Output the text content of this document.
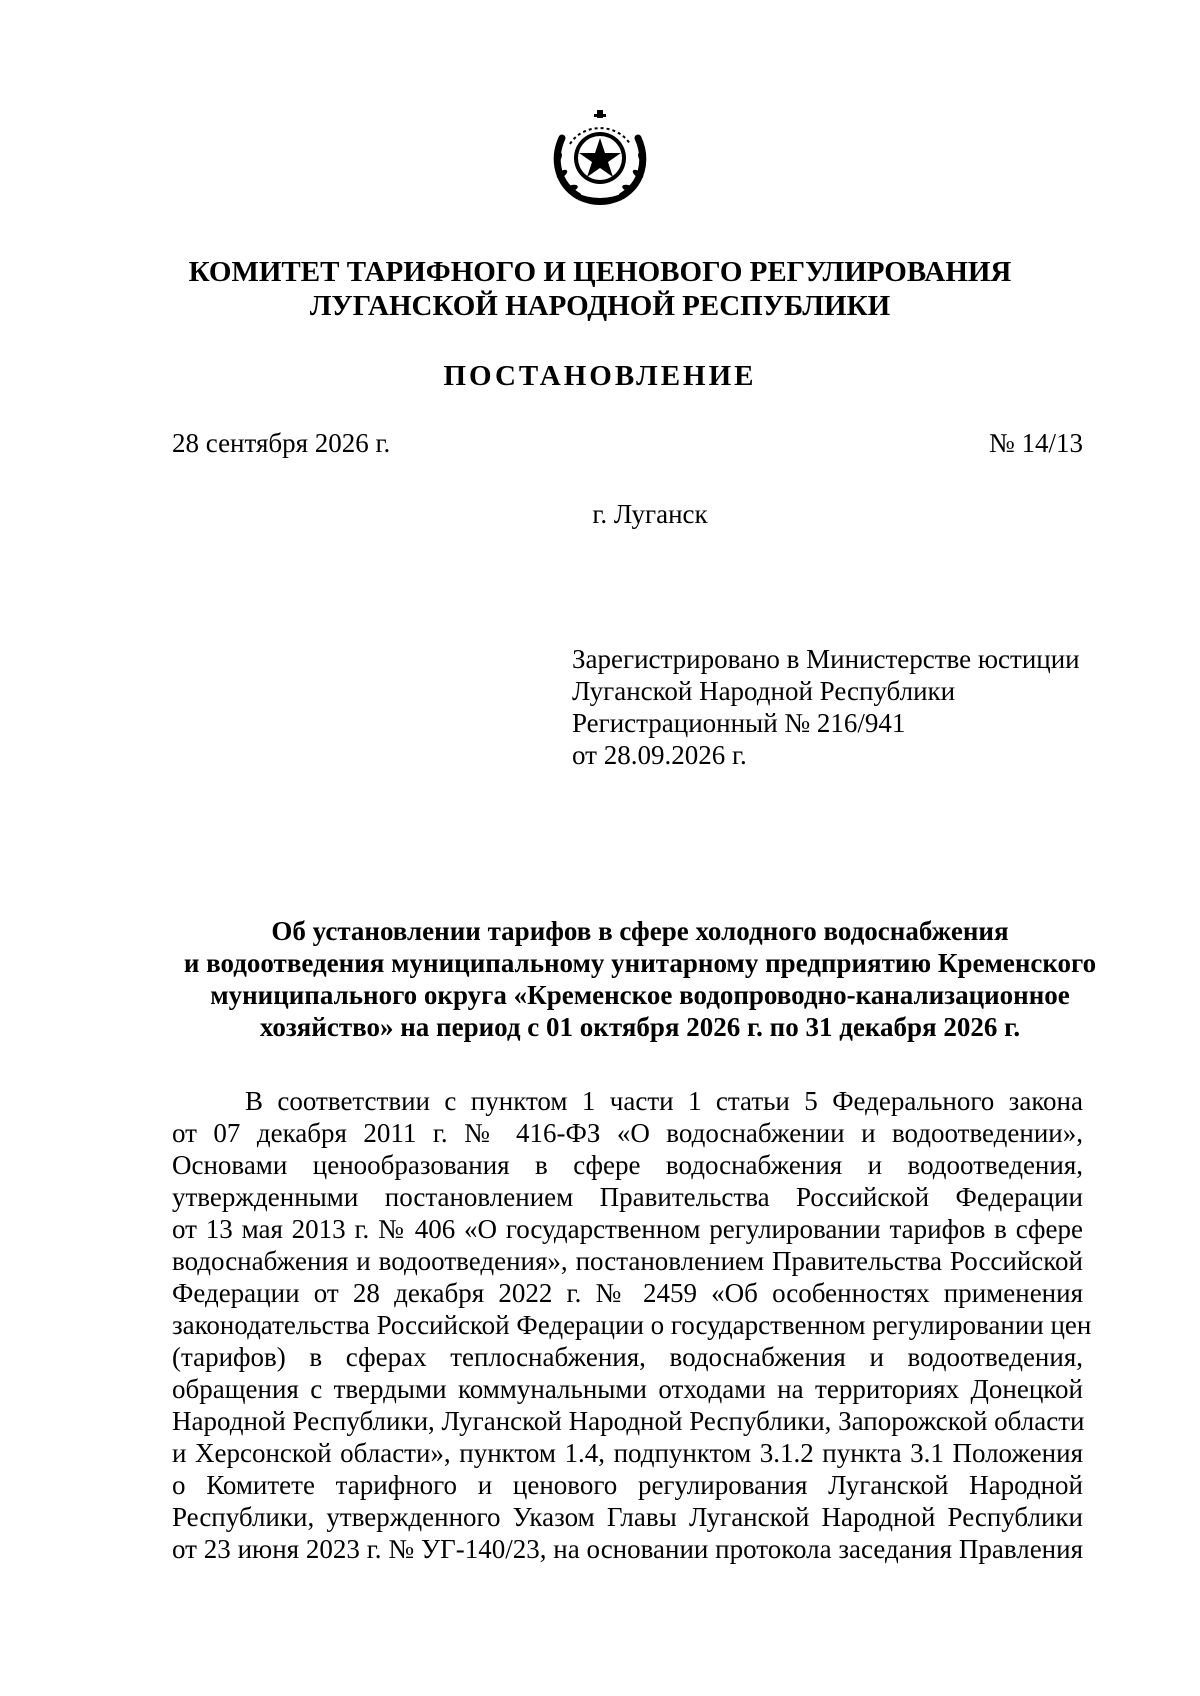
КОМИТЕТ ТАРИФНОГО И ЦЕНОВОГО РЕГУЛИРОВАНИЯ
ЛУГАНСКОЙ НАРОДНОЙ РЕСПУБЛИКИ
ПОСТАНОВЛЕНИЕ
28 сентября 2026 г.	№ 14/13
г. Луганск
Зарегистрировано в Министерстве юстиции
Луганской Народной Республики
Регистрационный № 216/941
от 28.09.2026 г.
Об установлении тарифов в сфере холодного водоснабжения
и водоотведения муниципальному унитарному предприятию Кременского
муниципального округа «Кременское водопроводно-канализационное
хозяйство» на период с 01 октября 2026 г. по 31 декабря 2026 г.
В соответствии с пунктом 1 части 1 статьи 5 Федерального закона
от 07 декабря 2011 г. № 416-ФЗ «О водоснабжении и водоотведении»,
Основами ценообразования в сфере водоснабжения и водоотведения,
утвержденными постановлением Правительства Российской Федерации
от 13 мая 2013 г. № 406 «О государственном регулировании тарифов в сфере
водоснабжения и водоотведения», постановлением Правительства Российской
Федерации от 28 декабря 2022 г. № 2459 «Об особенностях применения
законодательства Российской Федерации о государственном регулировании цен
(тарифов) в сферах теплоснабжения, водоснабжения и водоотведения,
обращения с твердыми коммунальными отходами на территориях Донецкой
Народной Республики, Луганской Народной Республики, Запорожской области
и Херсонской области», пунктом 1.4, подпунктом 3.1.2 пункта 3.1 Положения
о Комитете тарифного и ценового регулирования Луганской Народной
Республики, утвержденного Указом Главы Луганской Народной Республики
от 23 июня 2023 г. № УГ-140/23, на основании протокола заседания Правления
